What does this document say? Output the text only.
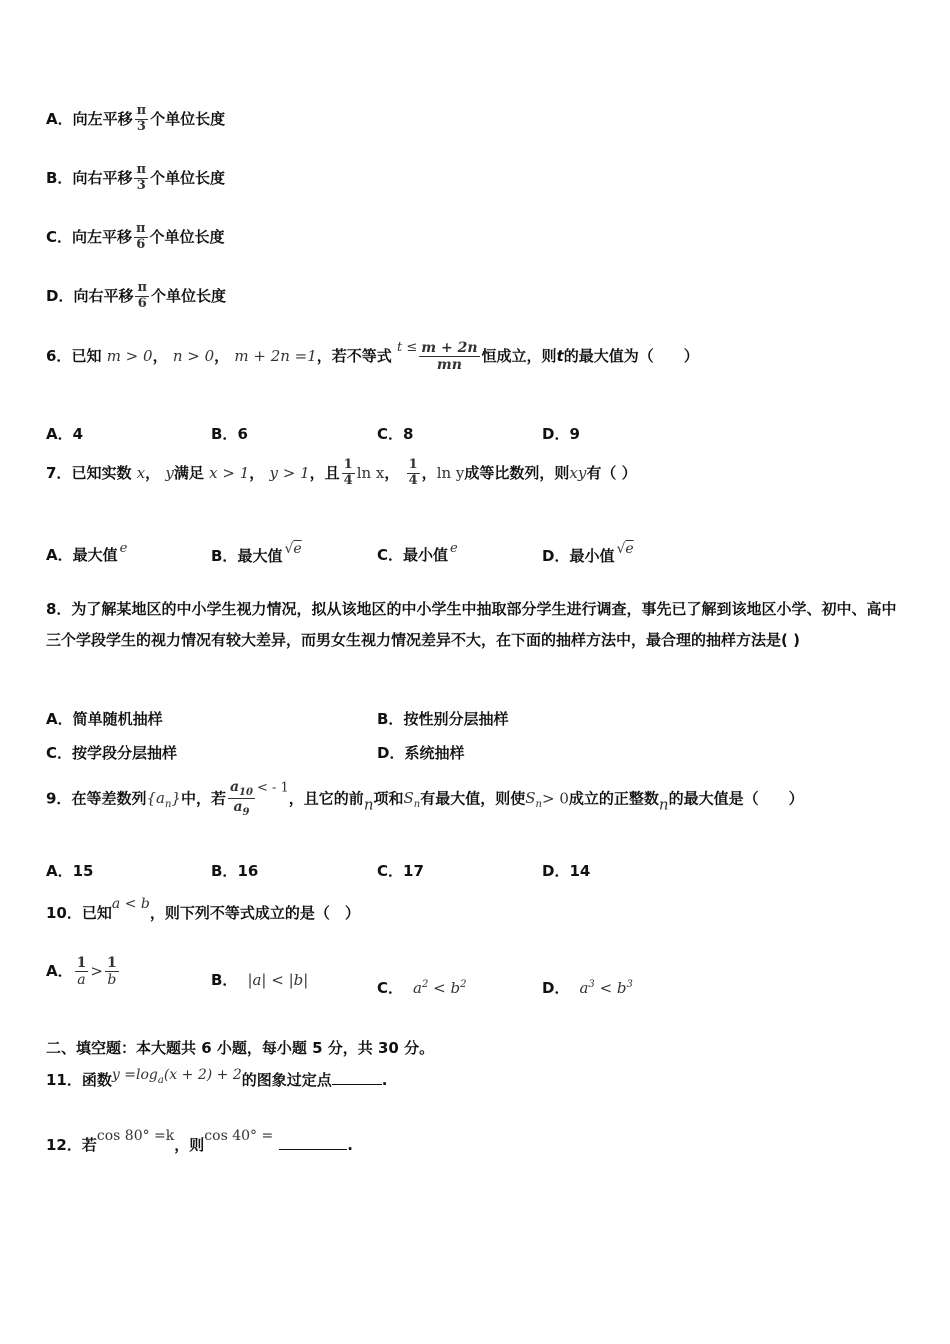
A．向左平移 $\frac{\pi}{3}$ 个单位长度
B．向右平移 $\frac{\pi}{3}$ 个单位长度
C．向左平移 $\frac{\pi}{6}$ 个单位长度
D．向右平移 $\frac{\pi}{6}$ 个单位长度
6．已知 m > 0， n > 0， m + 2n =1，若不等式 $t \le \frac{m + 2n}{mn}$ 恒成立，则t的最大值为（　　）
A．4	B．6	C．8	D．9
7．已知实数 x， y满足 x > 1， y > 1，且 $\frac{1}{4}$ ln x， $\frac{1}{4}$ ，ln y成等比数列，则xy有（ ）
A．最大值 e	B．最大值 √e	C．最小值 e	D．最小值 √e
8．为了解某地区的中小学生视力情况，拟从该地区的中小学生中抽取部分学生进行调查，事先已了解到该地区小学、初中、高中三个学段学生的视力情况有较大差异，而男女生视力情况差异不大，在下面的抽样方法中，最合理的抽样方法是( )
A．简单随机抽样	B．按性别分层抽样
C．按学段分层抽样	D．系统抽样
9．在等差数列$\{a_n\}$中，若 $\frac{a_{10}}{a_9}$ < - 1，且它的前n项和$S_n$有最大值，则使$S_n> 0$成立的正整数n的最大值是（　　）
A．15	B．16	C．17	D．14
10．已知a < b，则下列不等式成立的是（　）
A． $\frac{1}{a} > \frac{1}{b}$	B． |a| < |b|	C． $a^2 < b^2$	D． $a^3 < b^3$
二、填空题：本大题共 6 小题，每小题 5 分，共 30 分。
11．函数$y =\log_a(x + 2) + 2$的图象过定点	.
12．若cos 80° =k，则cos 40° =	.
